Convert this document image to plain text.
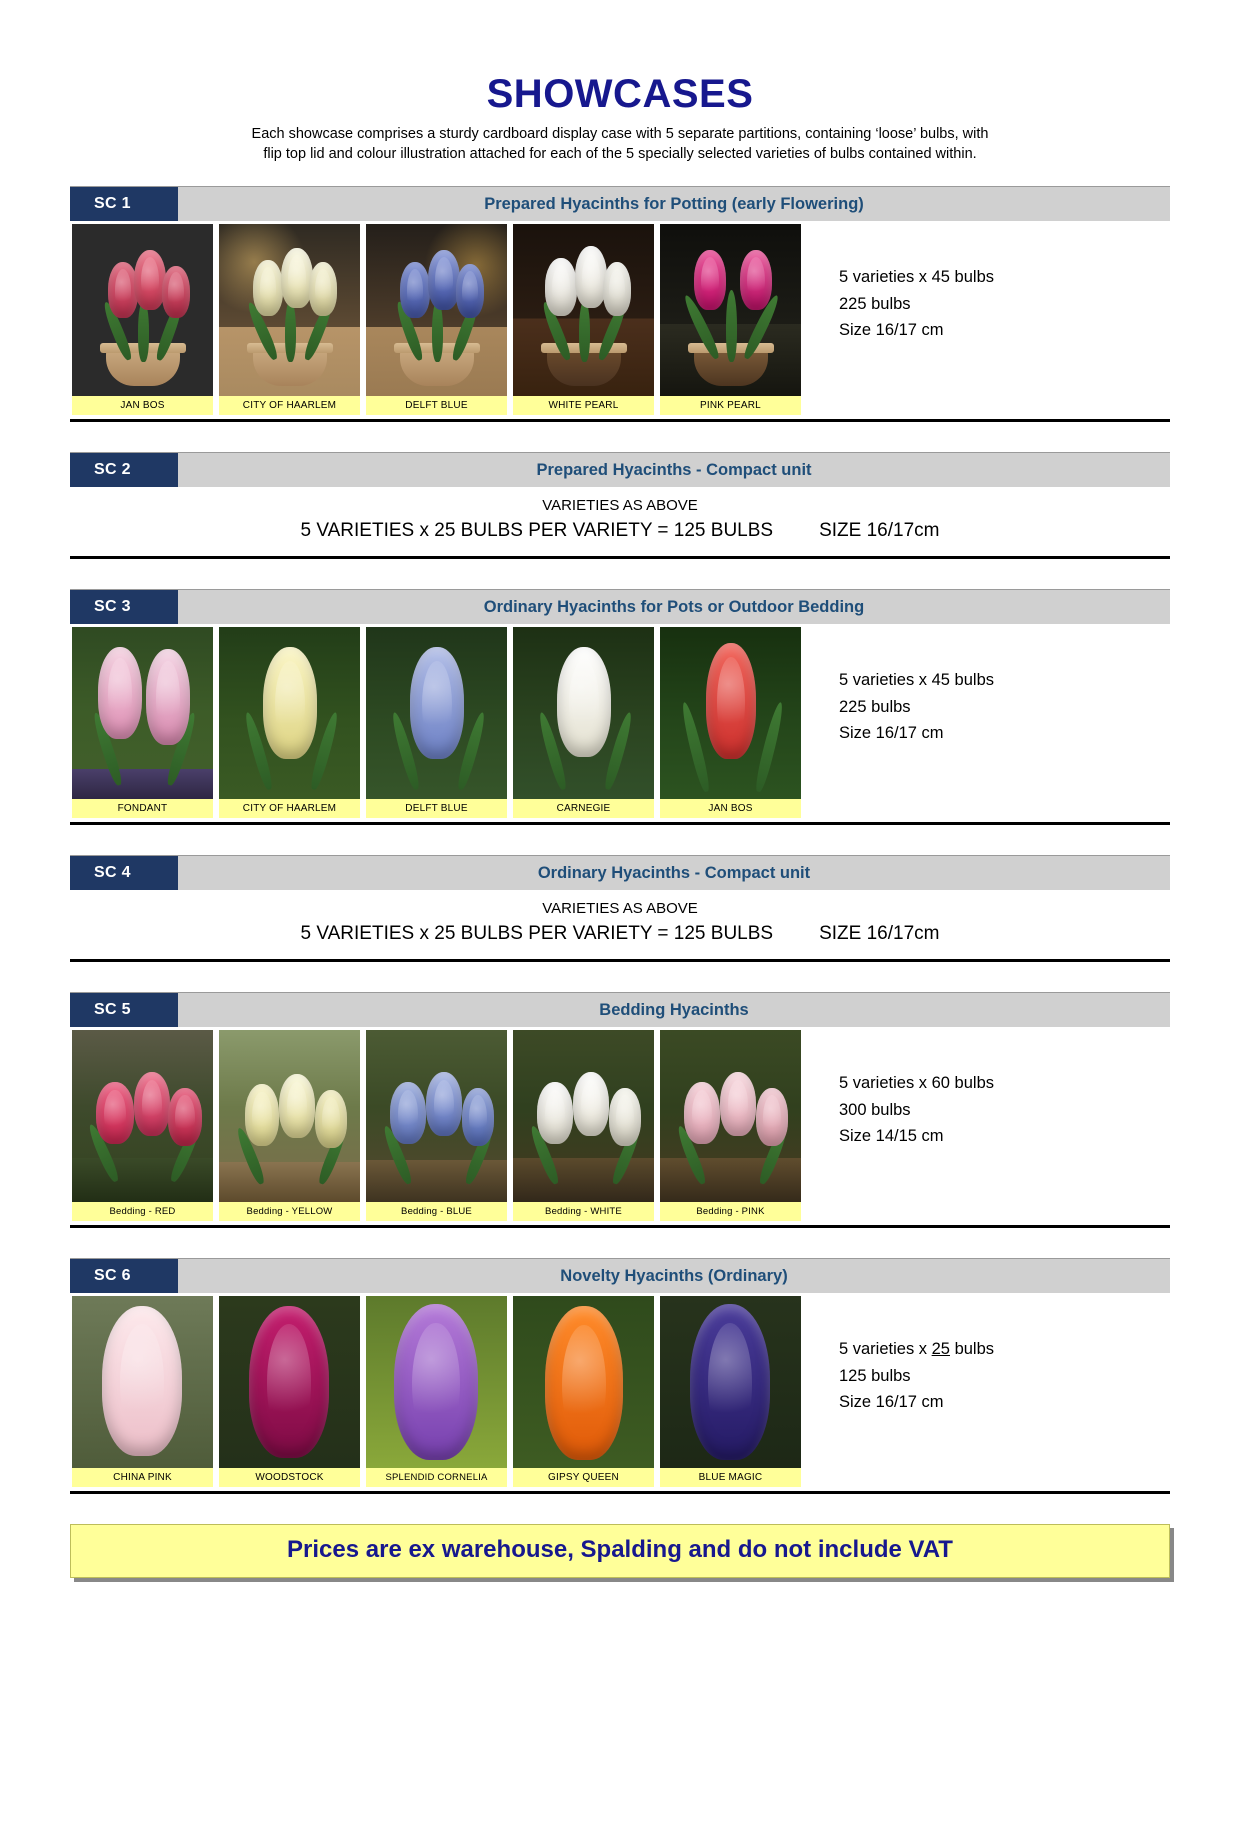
SHOWCASES
Each showcase comprises a sturdy cardboard display case with 5 separate partitions, containing ‘loose’ bulbs, with
flip top lid and colour illustration attached for each of the 5 specially selected varieties of bulbs contained within.
SC 1	Prepared Hyacinths for Potting (early Flowering)
JAN BOS	CITY OF HAARLEM	DELFT BLUE	WHITE PEARL	PINK PEARL
5 varieties x 45 bulbs
225 bulbs
Size 16/17 cm
SC 2	Prepared Hyacinths - Compact unit
VARIETIES AS ABOVE
5 VARIETIES x 25 BULBS PER VARIETY = 125 BULBS SIZE 16/17cm
SC 3	Ordinary Hyacinths for Pots or Outdoor Bedding
FONDANT	CITY OF HAARLEM	DELFT BLUE	CARNEGIE	JAN BOS
5 varieties x 45 bulbs
225 bulbs
Size 16/17 cm
SC 4	Ordinary Hyacinths - Compact unit
VARIETIES AS ABOVE
5 VARIETIES x 25 BULBS PER VARIETY = 125 BULBS SIZE 16/17cm
SC 5	Bedding Hyacinths
Bedding - RED	Bedding - YELLOW	Bedding - BLUE	Bedding - WHITE	Bedding - PINK
5 varieties x 60 bulbs
300 bulbs
Size 14/15 cm
SC 6	Novelty Hyacinths (Ordinary)
CHINA PINK	WOODSTOCK	SPLENDID CORNELIA	GIPSY QUEEN	BLUE MAGIC
5 varieties x 25 bulbs
125 bulbs
Size 16/17 cm
Prices are ex warehouse, Spalding and do not include VAT
